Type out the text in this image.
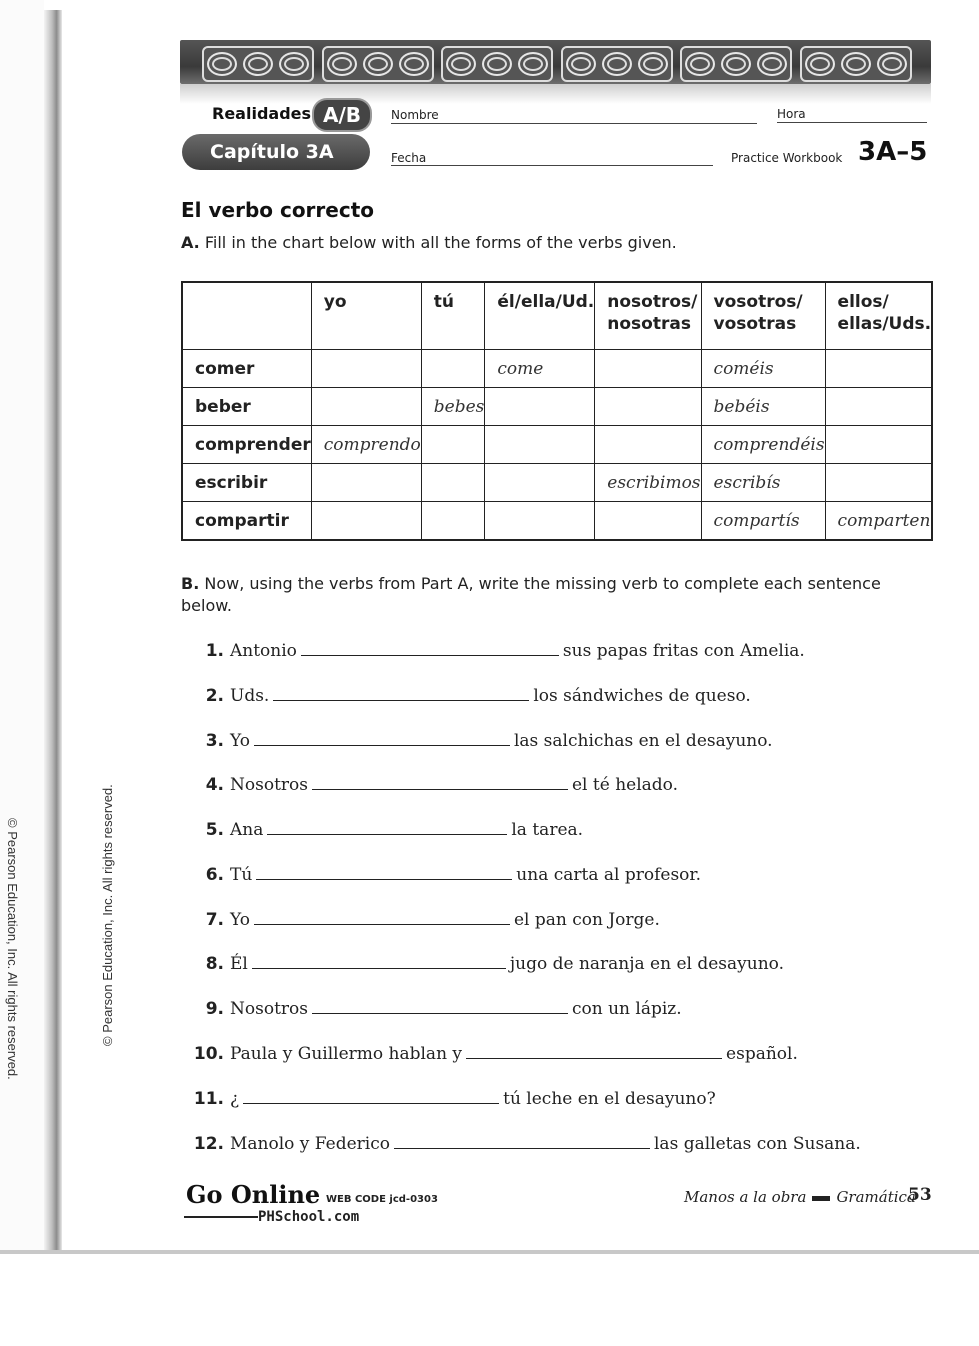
© Pearson Education, Inc. All rights reserved.	© Pearson Education, Inc. All rights reserved.
Realidades A/B
Capítulo 3A
Nombre	Hora
Fecha	Practice Workbook 3A–5
El verbo correcto
A. Fill in the chart below with all the forms of the verbs given.
	yo	tú	él/ella/Ud.	nosotros/ nosotras	vosotros/ vosotras	ellos/ ellas/Uds.
comer			come		coméis	
beber		bebes			bebéis	
comprender	comprendo				comprendéis	
escribir				escribimos	escribís	
compartir					compartís	comparten
B. Now, using the verbs from Part A, write the missing verb to complete each sentence below.
1. Antonio	sus papas fritas con Amelia.
2. Uds.	los sándwiches de queso.
3. Yo	las salchichas en el desayuno.
4. Nosotros	el té helado.
5. Ana	la tarea.
6. Tú	una carta al profesor.
7. Yo	el pan con Jorge.
8. Él	jugo de naranja en el desayuno.
9. Nosotros	con un lápiz.
10. Paula y Guillermo hablan y	español.
11. ¿	tú leche en el desayuno?
12. Manolo y Federico	las galletas con Susana.
Go Online WEB CODE jcd-0303
PHSchool.com
Manos a la obra Gramática
53
